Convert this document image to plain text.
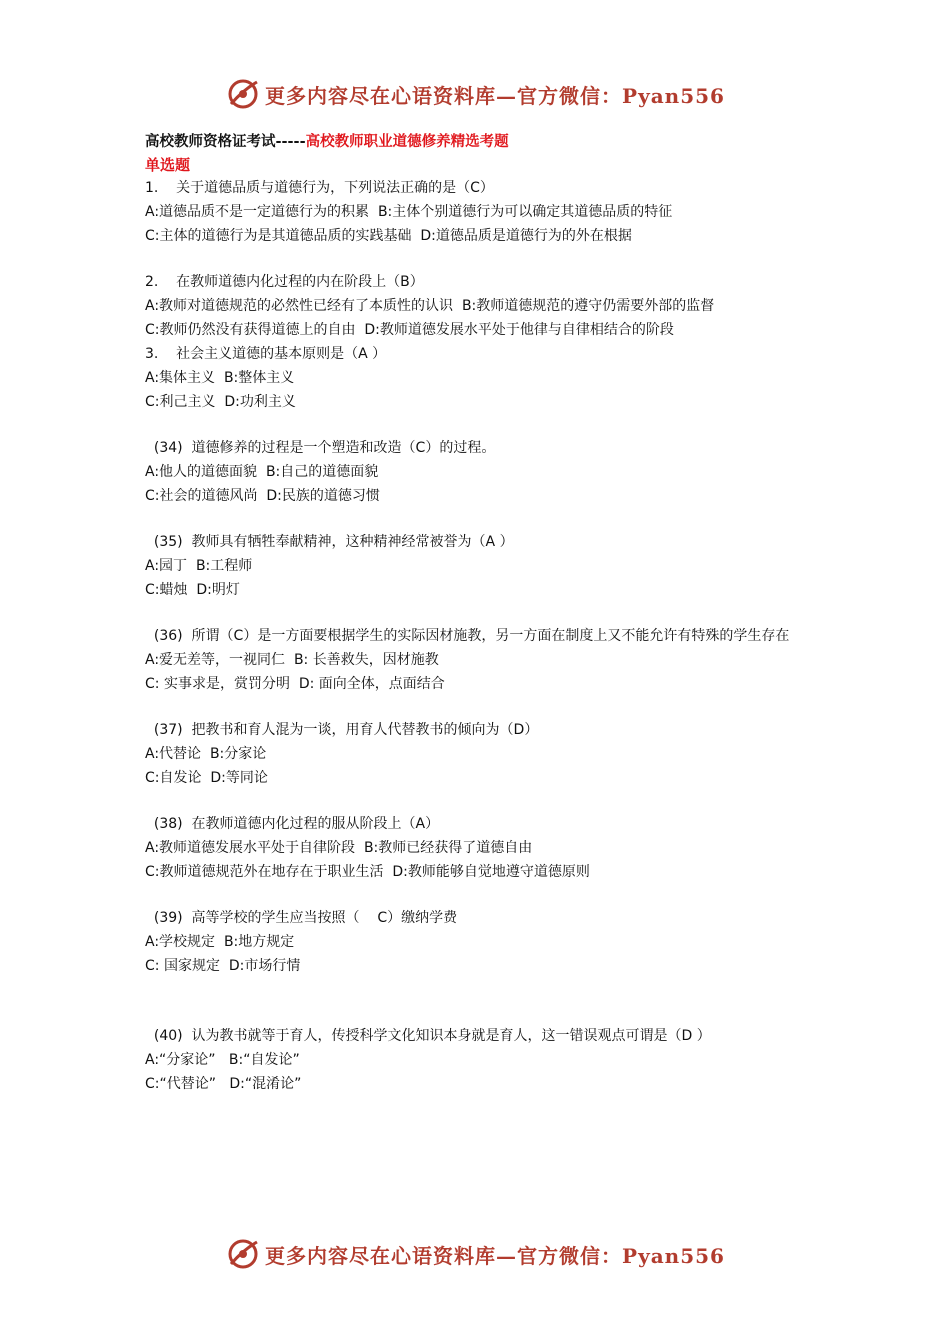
更多内容尽在心语资料库—官方微信：Pyan556
高校教师资格证考试-----高校教师职业道德修养精选考题
单选题
1.    关于道德品质与道德行为，下列说法正确的是（C）
A:道德品质不是一定道德行为的积累  B:主体个别道德行为可以确定其道德品质的特征
C:主体的道德行为是其道德品质的实践基础  D:道德品质是道德行为的外在根据
2.    在教师道德内化过程的内在阶段上（B）
A:教师对道德规范的必然性已经有了本质性的认识  B:教师道德规范的遵守仍需要外部的监督
C:教师仍然没有获得道德上的自由  D:教师道德发展水平处于他律与自律相结合的阶段
3.    社会主义道德的基本原则是（A ）
A:集体主义  B:整体主义
C:利己主义  D:功利主义
(34)  道德修养的过程是一个塑造和改造（C）的过程。
A:他人的道德面貌  B:自己的道德面貌
C:社会的道德风尚  D:民族的道德习惯
(35)  教师具有牺牲奉献精神，这种精神经常被誉为（A ）
A:园丁  B:工程师
C:蜡烛  D:明灯
(36)  所谓（C）是一方面要根据学生的实际因材施教，另一方面在制度上又不能允许有特殊的学生存在
A:爱无差等，一视同仁  B: 长善救失，因材施教
C: 实事求是，赏罚分明  D: 面向全体，点面结合
(37)  把教书和育人混为一谈，用育人代替教书的倾向为（D）
A:代替论  B:分家论
C:自发论  D:等同论
(38)  在教师道德内化过程的服从阶段上（A）
A:教师道德发展水平处于自律阶段  B:教师已经获得了道德自由
C:教师道德规范外在地存在于职业生活  D:教师能够自觉地遵守道德原则
(39)  高等学校的学生应当按照（    C）缴纳学费
A:学校规定  B:地方规定
C: 国家规定  D:市场行情
(40)  认为教书就等于育人，传授科学文化知识本身就是育人，这一错误观点可谓是（D ）
A:“分家论”   B:“自发论”
C:“代替论”   D:“混淆论”
更多内容尽在心语资料库—官方微信：Pyan556
